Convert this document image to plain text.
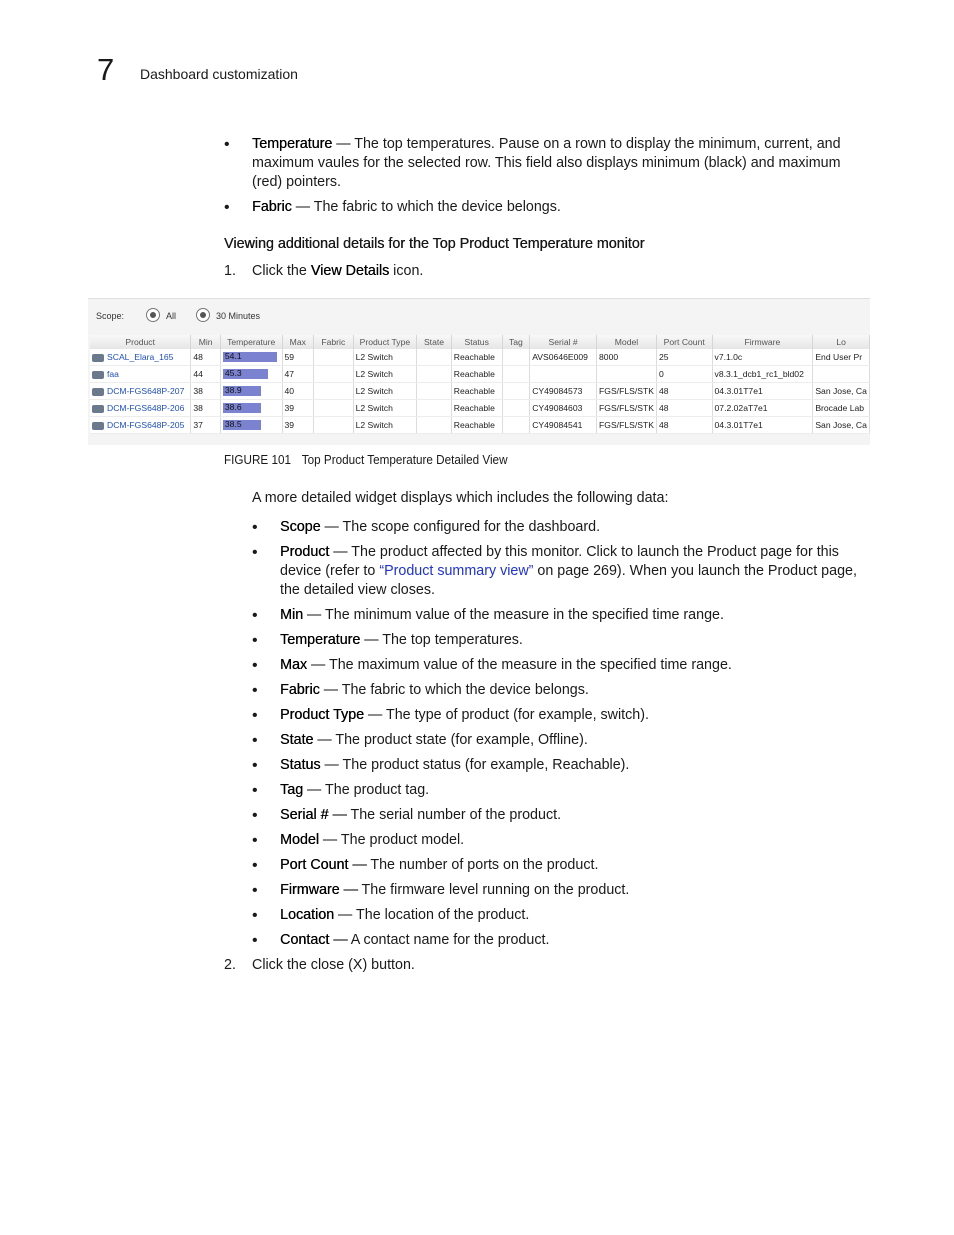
7 Dashboard customization
• Temperature — The top temperatures. Pause on a rown to display the minimum, current, and maximum vaules for the selected row. This field also displays minimum (black) and maximum (red) pointers.
• Fabric — The fabric to which the device belongs.
Viewing additional details for the Top Product Temperature monitor
1. Click the View Details icon.
Scope:	All	30 Minutes
Product	Min	Temperature	Max	Fabric	Product Type	State	Status	Tag	Serial #	Model	Port Count	Firmware	Lo
SCAL_Elara_165	48	54.1	59		L2 Switch		Reachable		AVS0646E009	8000	25	v7.1.0c	End User Pr
faa	44	45.3	47		L2 Switch		Reachable				0	v8.3.1_dcb1_rc1_bld02	
DCM-FGS648P-207	38	38.9	40		L2 Switch		Reachable		CY49084573	FGS/FLS/STK	48	04.3.01T7e1	San Jose, Ca
DCM-FGS648P-206	38	38.6	39		L2 Switch		Reachable		CY49084603	FGS/FLS/STK	48	07.2.02aT7e1	Brocade Lab
DCM-FGS648P-205	37	38.5	39		L2 Switch		Reachable		CY49084541	FGS/FLS/STK	48	04.3.01T7e1	San Jose, Ca
FIGURE 101 Top Product Temperature Detailed View
A more detailed widget displays which includes the following data:
• Scope — The scope configured for the dashboard.
• Product — The product affected by this monitor. Click to launch the Product page for this device (refer to “Product summary view” on page 269). When you launch the Product page, the detailed view closes.
• Min — The minimum value of the measure in the specified time range.
• Temperature — The top temperatures.
• Max — The maximum value of the measure in the specified time range.
• Fabric — The fabric to which the device belongs.
• Product Type — The type of product (for example, switch).
• State — The product state (for example, Offline).
• Status — The product status (for example, Reachable).
• Tag — The product tag.
• Serial # — The serial number of the product.
• Model — The product model.
• Port Count — The number of ports on the product.
• Firmware — The firmware level running on the product.
• Location — The location of the product.
• Contact — A contact name for the product.
2. Click the close (X) button.
